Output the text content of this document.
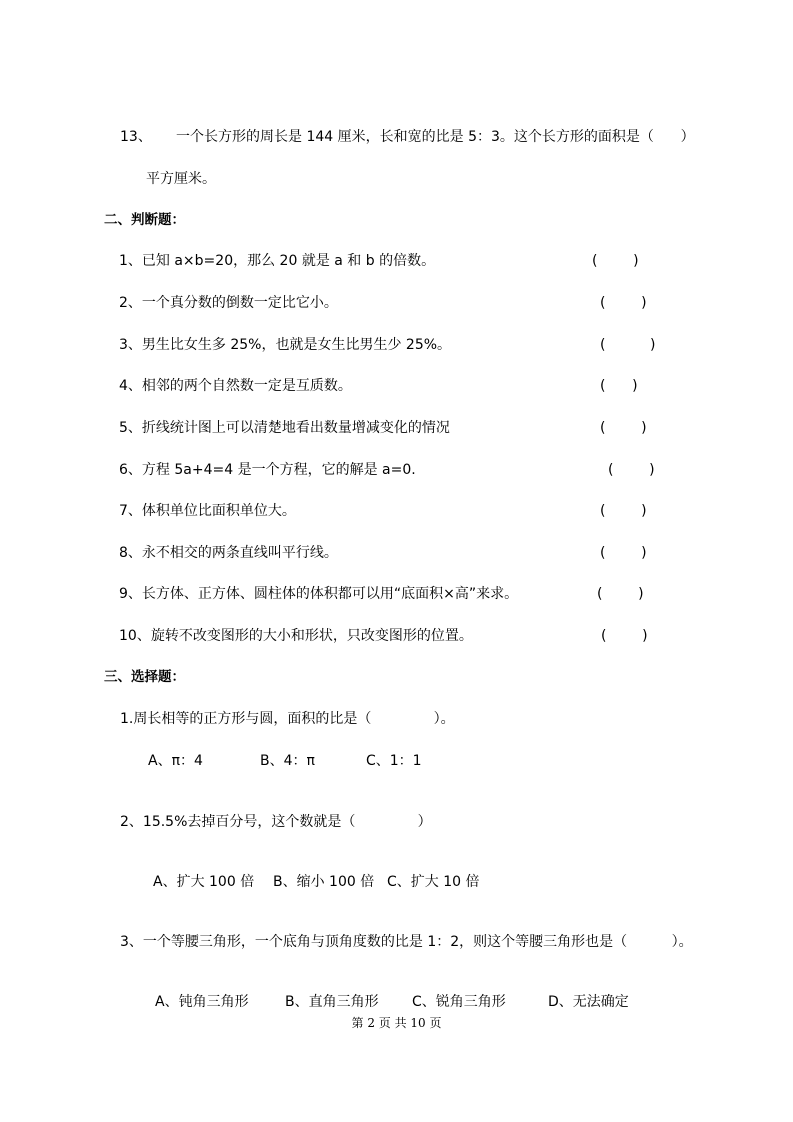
13、 一个长方形的周长是 144 厘米，长和宽的比是 5：3。这个长方形的面积是（      ）
平方厘米。
二、判断题：
1、已知 a×b=20，那么 20 就是 a 和 b 的倍数。	(        )
2、一个真分数的倒数一定比它小。	(        )
3、男生比女生多 25%，也就是女生比男生少 25%。	(          )
4、相邻的两个自然数一定是互质数。	(      )
5、折线统计图上可以清楚地看出数量增减变化的情况	(        )
6、方程 5a+4=4 是一个方程，它的解是 a=0.	(        )
7、体积单位比面积单位大。	(        )
8、永不相交的两条直线叫平行线。	(        )
9、长方体、正方体、圆柱体的体积都可以用“底面积×高”来求。	(        )
10、旋转不改变图形的大小和形状，只改变图形的位置。	(        )
三、选择题：
1.周长相等的正方形与圆，面积的比是（              ）。
A、π：4	B、4：π	C、1：1
2、15.5%去掉百分号，这个数就是（              ）
A、扩大 100 倍 B、缩小 100 倍 C、扩大 10 倍
3、一个等腰三角形，一个底角与顶角度数的比是 1：2，则这个等腰三角形也是（          ）。
A、钝角三角形	B、直角三角形 C、锐角三角形	D、无法确定
第 2 页 共 10 页
